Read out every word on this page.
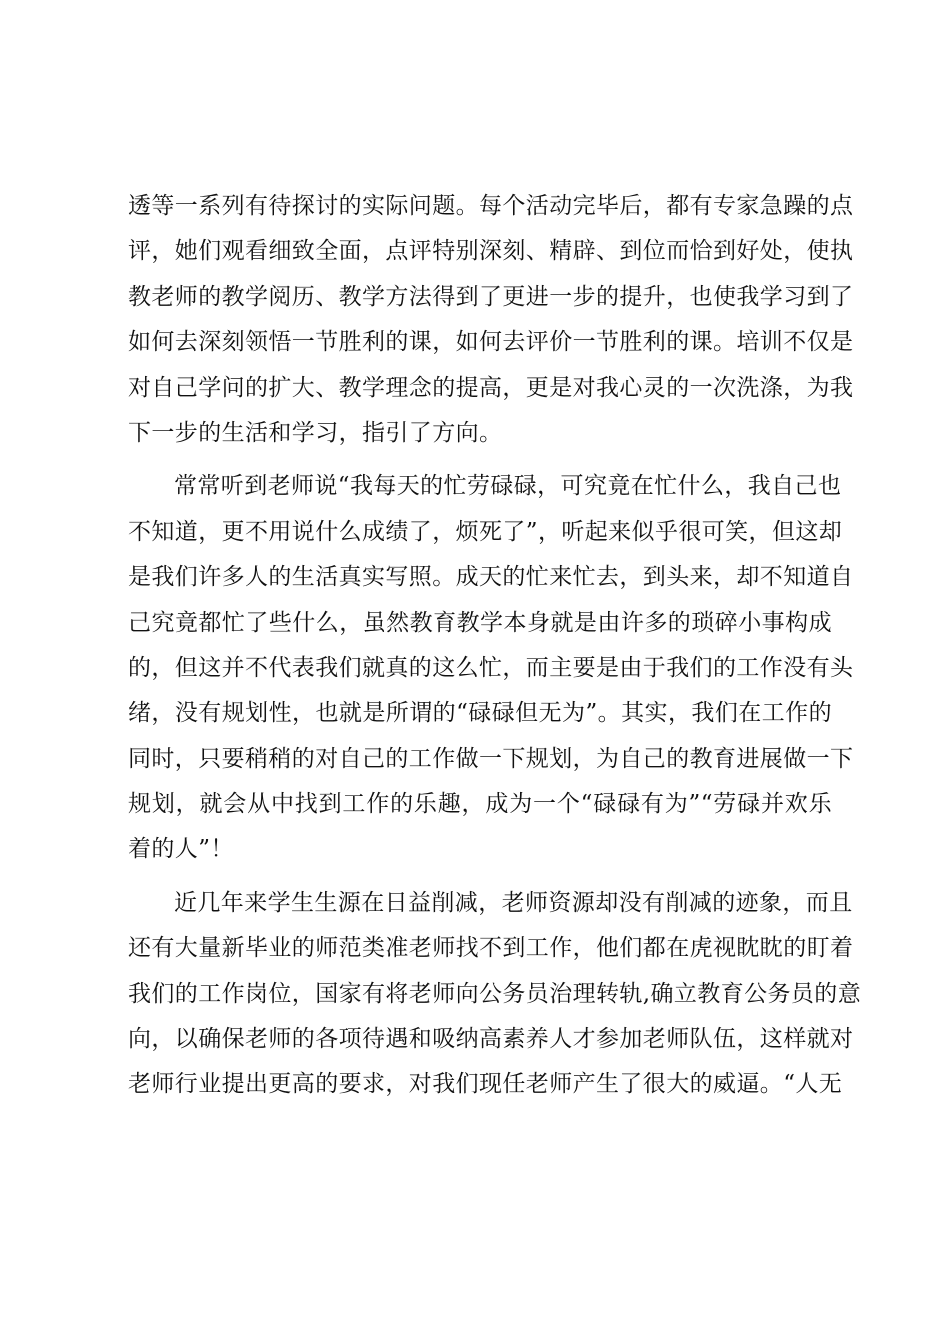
透等一系列有待探讨的实际问题。每个活动完毕后，都有专家急躁的点
评，她们观看细致全面，点评特别深刻、精辟、到位而恰到好处，使执
教老师的教学阅历、教学方法得到了更进一步的提升，也使我学习到了
如何去深刻领悟一节胜利的课，如何去评价一节胜利的课。培训不仅是
对自己学问的扩大、教学理念的提高，更是对我心灵的一次洗涤，为我
下一步的生活和学习，指引了方向。
常常听到老师说“我每天的忙劳碌碌，可究竟在忙什么，我自己也
不知道，更不用说什么成绩了，烦死了”，听起来似乎很可笑，但这却
是我们许多人的生活真实写照。成天的忙来忙去，到头来，却不知道自
己究竟都忙了些什么，虽然教育教学本身就是由许多的琐碎小事构成
的，但这并不代表我们就真的这么忙，而主要是由于我们的工作没有头
绪，没有规划性，也就是所谓的“碌碌但无为”。其实，我们在工作的
同时，只要稍稍的对自己的工作做一下规划，为自己的教育进展做一下
规划，就会从中找到工作的乐趣，成为一个“碌碌有为”“劳碌并欢乐
着的人”！
近几年来学生生源在日益削减，老师资源却没有削减的迹象，而且
还有大量新毕业的师范类准老师找不到工作，他们都在虎视眈眈的盯着
我们的工作岗位，国家有将老师向公务员治理转轨,确立教育公务员的意
向，以确保老师的各项待遇和吸纳高素养人才参加老师队伍，这样就对
老师行业提出更高的要求，对我们现任老师产生了很大的威逼。“人无
